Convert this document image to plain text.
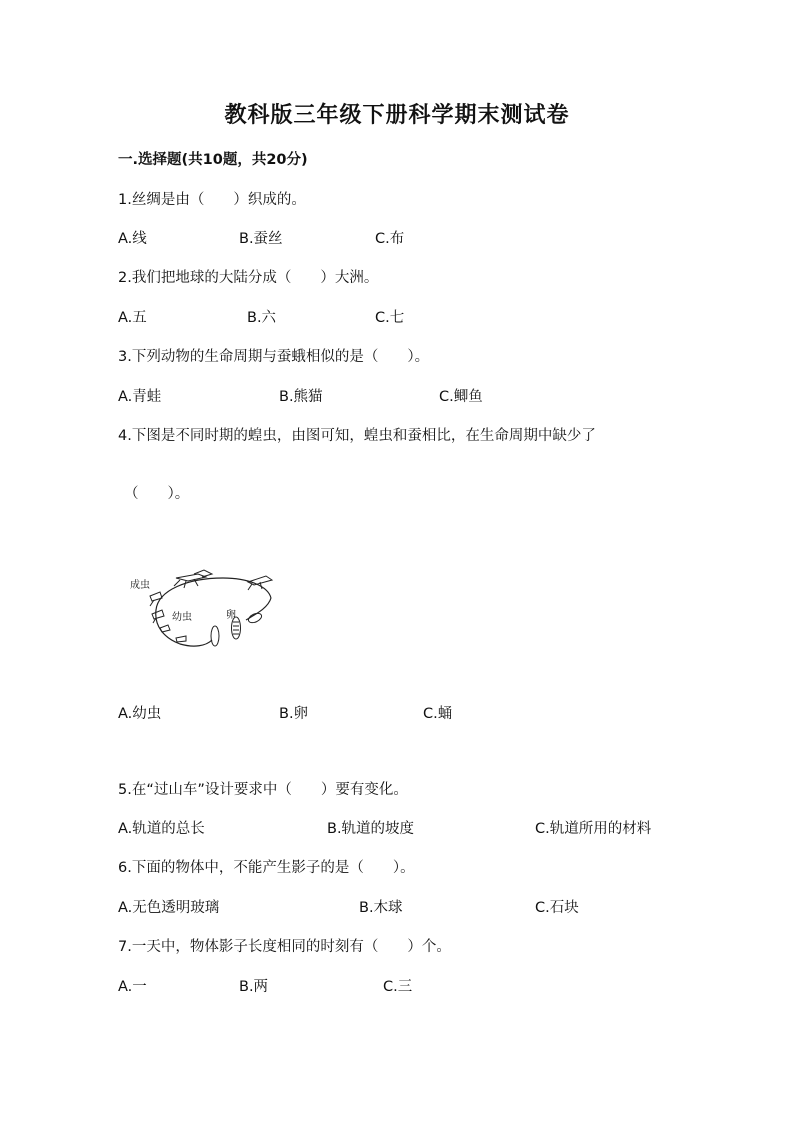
教科版三年级下册科学期末测试卷
一.选择题(共10题，共20分)
1.丝绸是由（　　）织成的。
A.线	B.蚕丝	C.布
2.我们把地球的大陆分成（　　）大洲。
A.五	B.六	C.七
3.下列动物的生命周期与蚕蛾相似的是（　　）。
A.青蛙	B.熊猫	C.鲫鱼
4.下图是不同时期的蝗虫，由图可知，蝗虫和蚕相比，在生命周期中缺少了
（　　）。
成虫
幼虫	卵
A.幼虫	B.卵	C.蛹
5.在“过山车”设计要求中（　　）要有变化。
A.轨道的总长	B.轨道的坡度	C.轨道所用的材料
6.下面的物体中，不能产生影子的是（　　）。
A.无色透明玻璃	B.木球	C.石块
7.一天中，物体影子长度相同的时刻有（　　）个。
A.一	B.两	C.三
